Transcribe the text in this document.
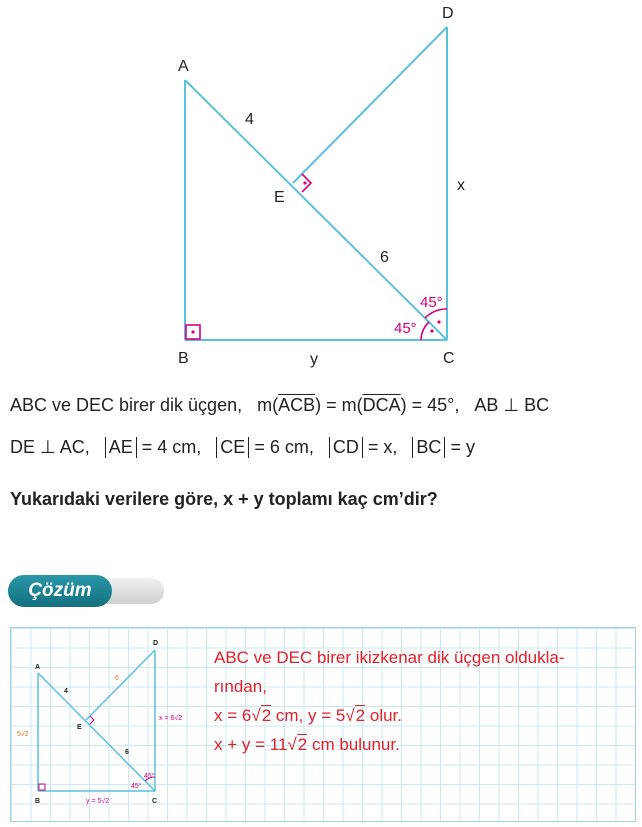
A
B	C
D
E
4
6
x
y
45°
45°
ABC ve DEC birer dik üçgen, $m(\overline{ACB}) = m(\overline{DCA}) = 45^\circ$, AB ⊥ BC
DE ⊥ AC, AE = 4 cm, CE = 6 cm, CD = x, BC = y
Yukarıdaki verilere göre, x + y toplamı kaç cm’dir?
Çözüm
A
B	C
D
E
4
6
6
5√2
y = 5√2
x = 6√2
45°
45°
ABC ve DEC birer ikizkenar dik üçgen oldukla-
rından,
x = 6√2 cm, y = 5√2 olur.
x + y = 11√2 cm bulunur.
